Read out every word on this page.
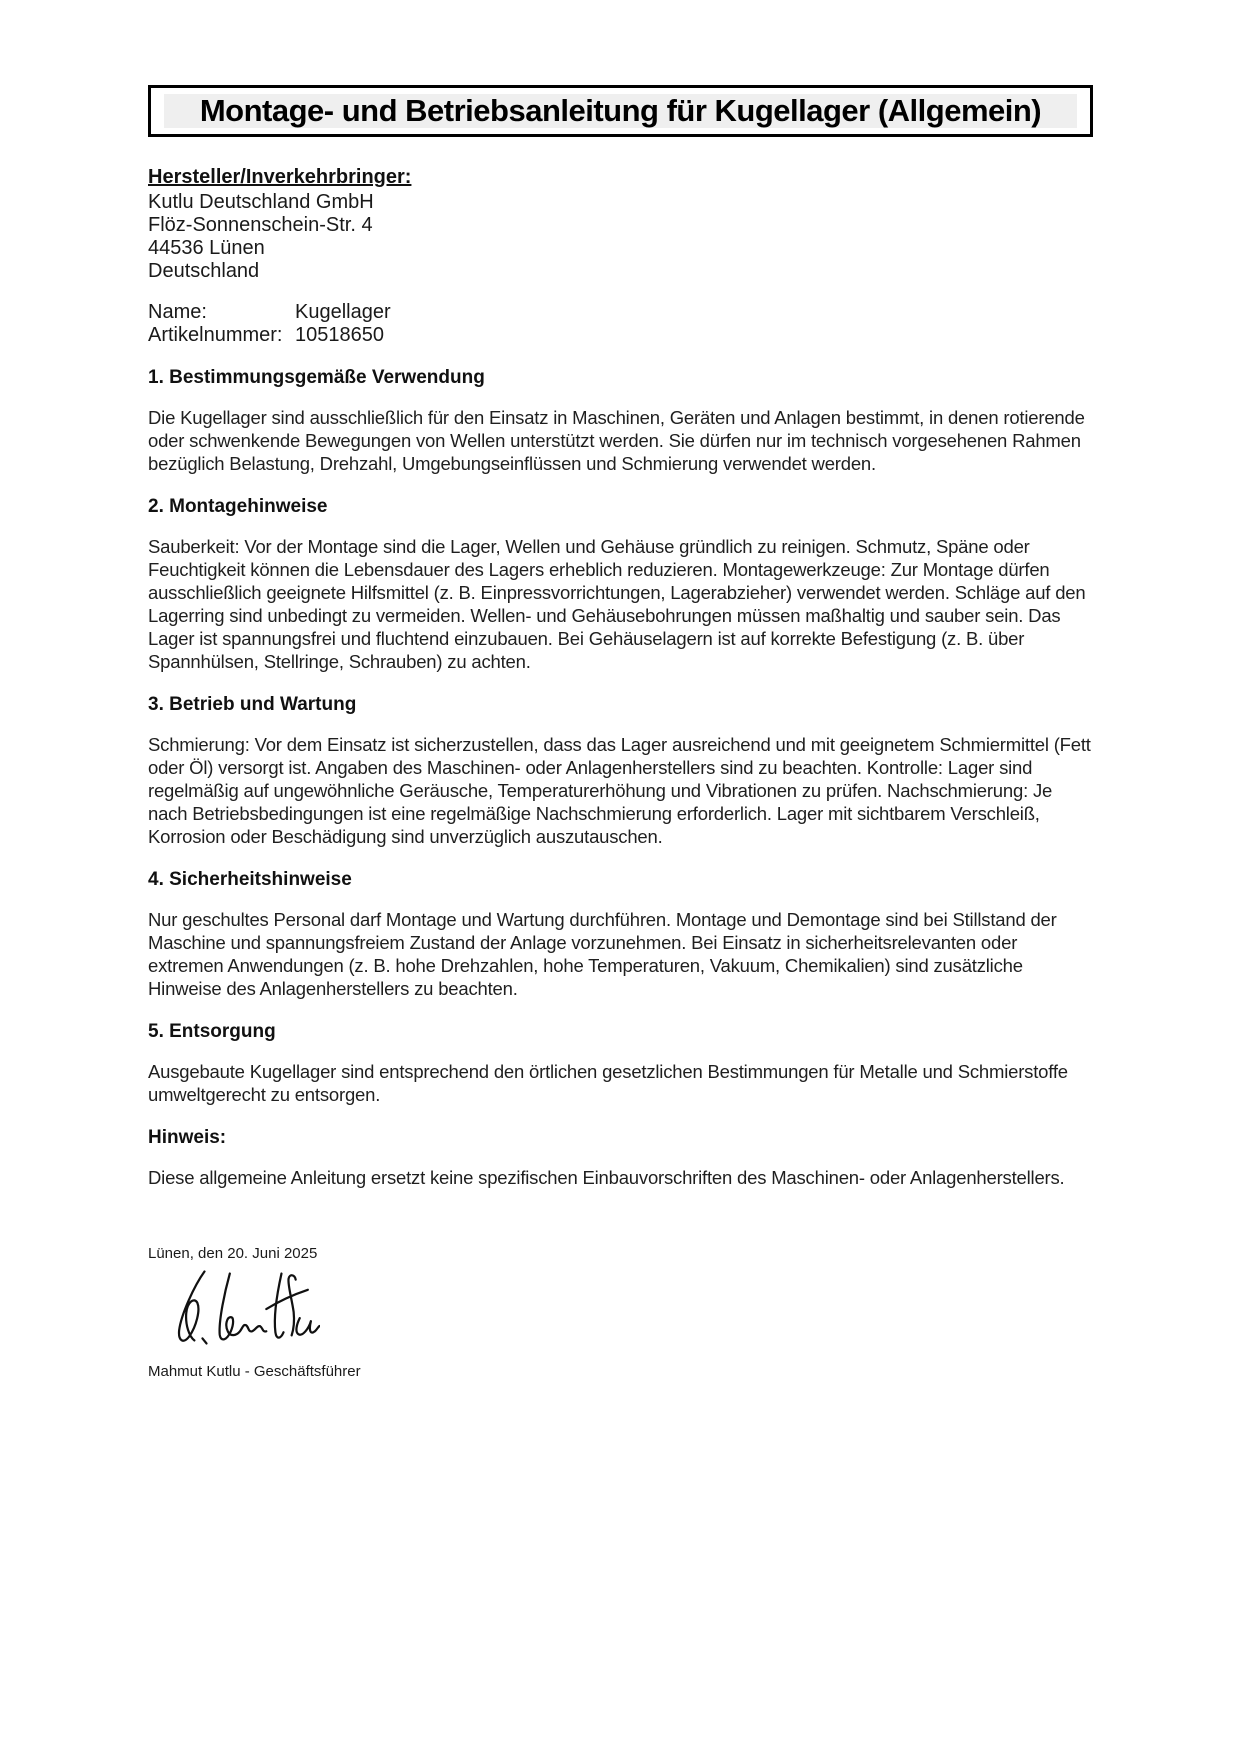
Montage- und Betriebsanleitung für Kugellager (Allgemein)

Hersteller/Inverkehrbringer:

Kutlu Deutschland GmbH

Flöz-Sonnenschein-Str. 4

44536 Lünen

Deutschland

Name:	Kugellager
Artikelnummer: 10518650
1. Bestimmungsgemäße Verwendung

Die Kugellager sind ausschließlich für den Einsatz in Maschinen, Geräten und Anlagen bestimmt, in denen rotierende oder schwenkende Bewegungen von Wellen unterstützt werden. Sie dürfen nur im technisch vorgesehenen Rahmen bezüglich Belastung, Drehzahl, Umgebungseinflüssen und Schmierung verwendet werden.

2. Montagehinweise

Sauberkeit: Vor der Montage sind die Lager, Wellen und Gehäuse gründlich zu reinigen. Schmutz, Späne oder Feuchtigkeit können die Lebensdauer des Lagers erheblich reduzieren. Montagewerkzeuge: Zur Montage dürfen ausschließlich geeignete Hilfsmittel (z. B. Einpressvorrichtungen, Lagerabzieher) verwendet werden. Schläge auf den Lagerring sind unbedingt zu vermeiden. Wellen- und Gehäusebohrungen müssen maßhaltig und sauber sein. Das Lager ist spannungsfrei und fluchtend einzubauen. Bei Gehäuselagern ist auf korrekte Befestigung (z. B. über Spannhülsen, Stellringe, Schrauben) zu achten.

3. Betrieb und Wartung

Schmierung: Vor dem Einsatz ist sicherzustellen, dass das Lager ausreichend und mit geeignetem Schmiermittel (Fett oder Öl) versorgt ist. Angaben des Maschinen- oder Anlagenherstellers sind zu beachten. Kontrolle: Lager sind regelmäßig auf ungewöhnliche Geräusche, Temperaturerhöhung und Vibrationen zu prüfen. Nachschmierung: Je nach Betriebsbedingungen ist eine regelmäßige Nachschmierung erforderlich. Lager mit sichtbarem Verschleiß, Korrosion oder Beschädigung sind unverzüglich auszutauschen.

4. Sicherheitshinweise

Nur geschultes Personal darf Montage und Wartung durchführen. Montage und Demontage sind bei Stillstand der Maschine und spannungsfreiem Zustand der Anlage vorzunehmen. Bei Einsatz in sicherheitsrelevanten oder extremen Anwendungen (z. B. hohe Drehzahlen, hohe Temperaturen, Vakuum, Chemikalien) sind zusätzliche Hinweise des Anlagenherstellers zu beachten.

5. Entsorgung

Ausgebaute Kugellager sind entsprechend den örtlichen gesetzlichen Bestimmungen für Metalle und Schmierstoffe umweltgerecht zu entsorgen.

Hinweis:

Diese allgemeine Anleitung ersetzt keine spezifischen Einbauvorschriften des Maschinen- oder Anlagenherstellers.

Lünen, den 20. Juni 2025

Mahmut Kutlu - Geschäftsführer
